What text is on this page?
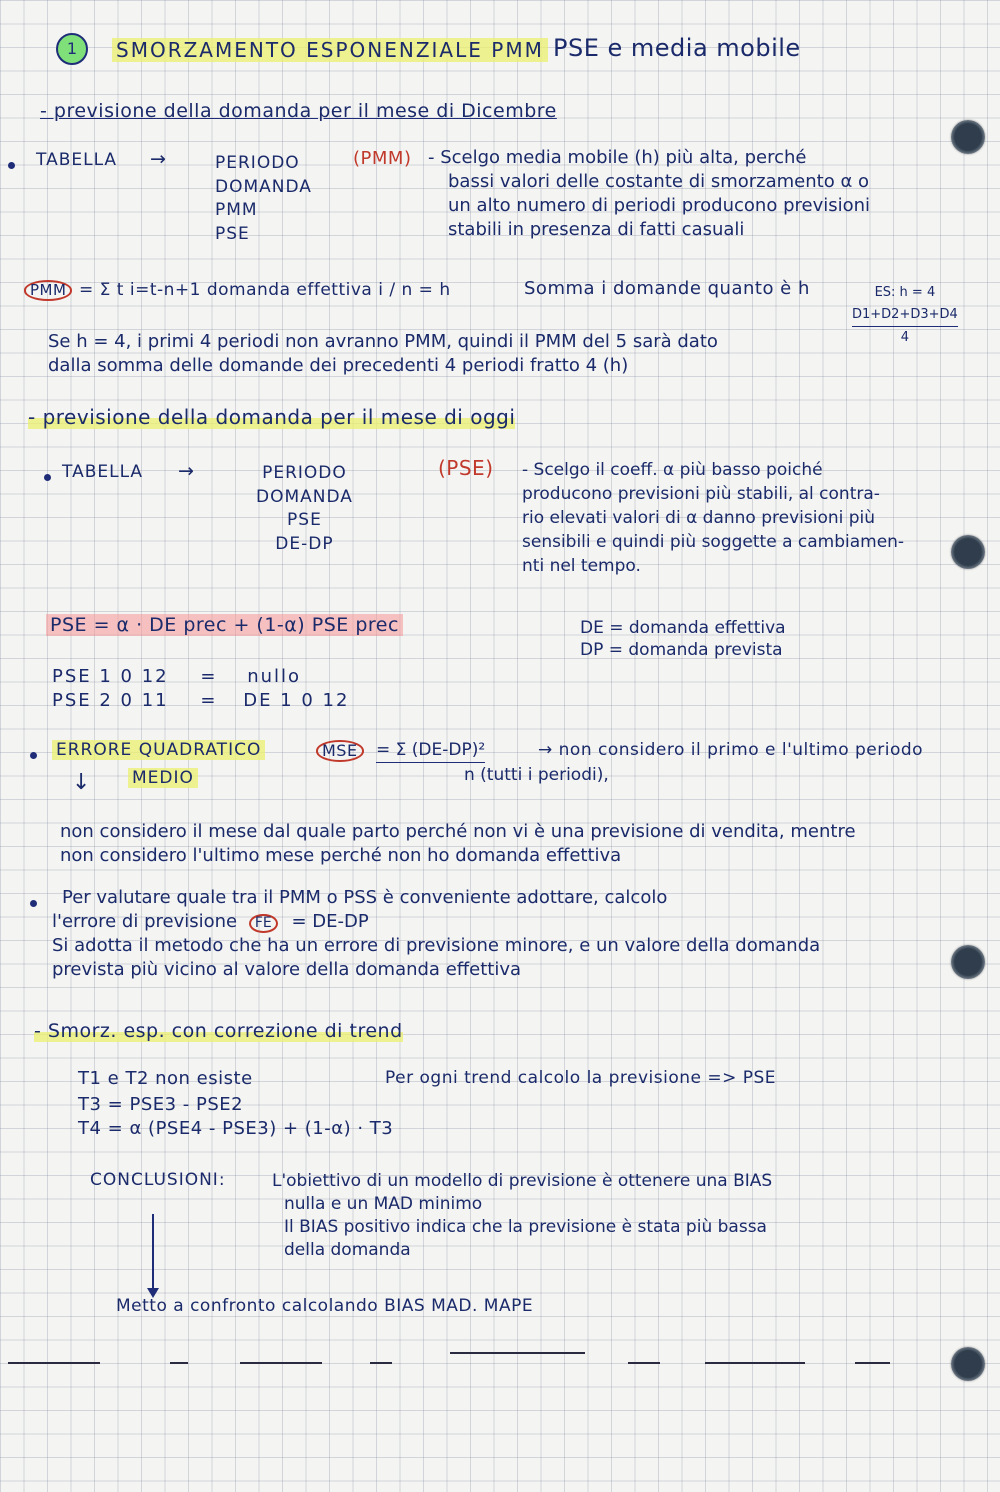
1	SMORZAMENTO ESPONENZIALE PMM PSE e media mobile
- previsione della domanda per il mese di Dicembre
TABELLA →	PERIODO
DOMANDA
PMM
PSE
(PMM) - Scelgo media mobile (h) più alta, perché
bassi valori delle costante di smorzamento α o
un alto numero di periodi producono previsioni
stabili in presenza di fatti casuali
PMM = Σ t i=t-n+1 domanda effettiva i / n = h	Somma i domande quanto è h	ES: h = 4
D1+D2+D3+D4
4
Se h = 4, i primi 4 periodi non avranno PMM, quindi il PMM del 5 sarà dato
dalla somma delle domande dei precedenti 4 periodi fratto 4 (h)
- previsione della domanda per il mese di oggi
TABELLA →	PERIODO
DOMANDA
PSE
DE-DP
(PSE) - Scelgo il coeff. α più basso poiché
producono previsioni più stabili, al contra-
rio elevati valori di α danno previsioni più
sensibili e quindi più soggette a cambiamen-
nti nel tempo.
PSE = α · DE prec + (1-α) PSE prec	DE = domanda effettiva
DP = domanda prevista
PSE 1 0 12 = nullo
PSE 2 0 11 = DE 1 0 12
ERRORE QUADRATICO
MEDIO
↓
MSE	= Σ (DE-DP)²
n (tutti i periodi),
→ non considero il primo e l'ultimo periodo
non considero il mese dal quale parto perché non vi è una previsione di vendita, mentre
non considero l'ultimo mese perché non ho domanda effettiva
Per valutare quale tra il PMM o PSS è conveniente adottare, calcolo
l'errore di previsione FE = DE-DP
Si adotta il metodo che ha un errore di previsione minore, e un valore della domanda
prevista più vicino al valore della domanda effettiva
- Smorz. esp. con correzione di trend
T1 e T2 non esiste	Per ogni trend calcolo la previsione => PSE
T3 = PSE3 - PSE2
T4 = α (PSE4 - PSE3) + (1-α) · T3
CONCLUSIONI:	L'obiettivo di un modello di previsione è ottenere una BIAS
nulla e un MAD minimo
Il BIAS positivo indica che la previsione è stata più bassa
della domanda
Metto a confronto calcolando BIAS MAD. MAPE
